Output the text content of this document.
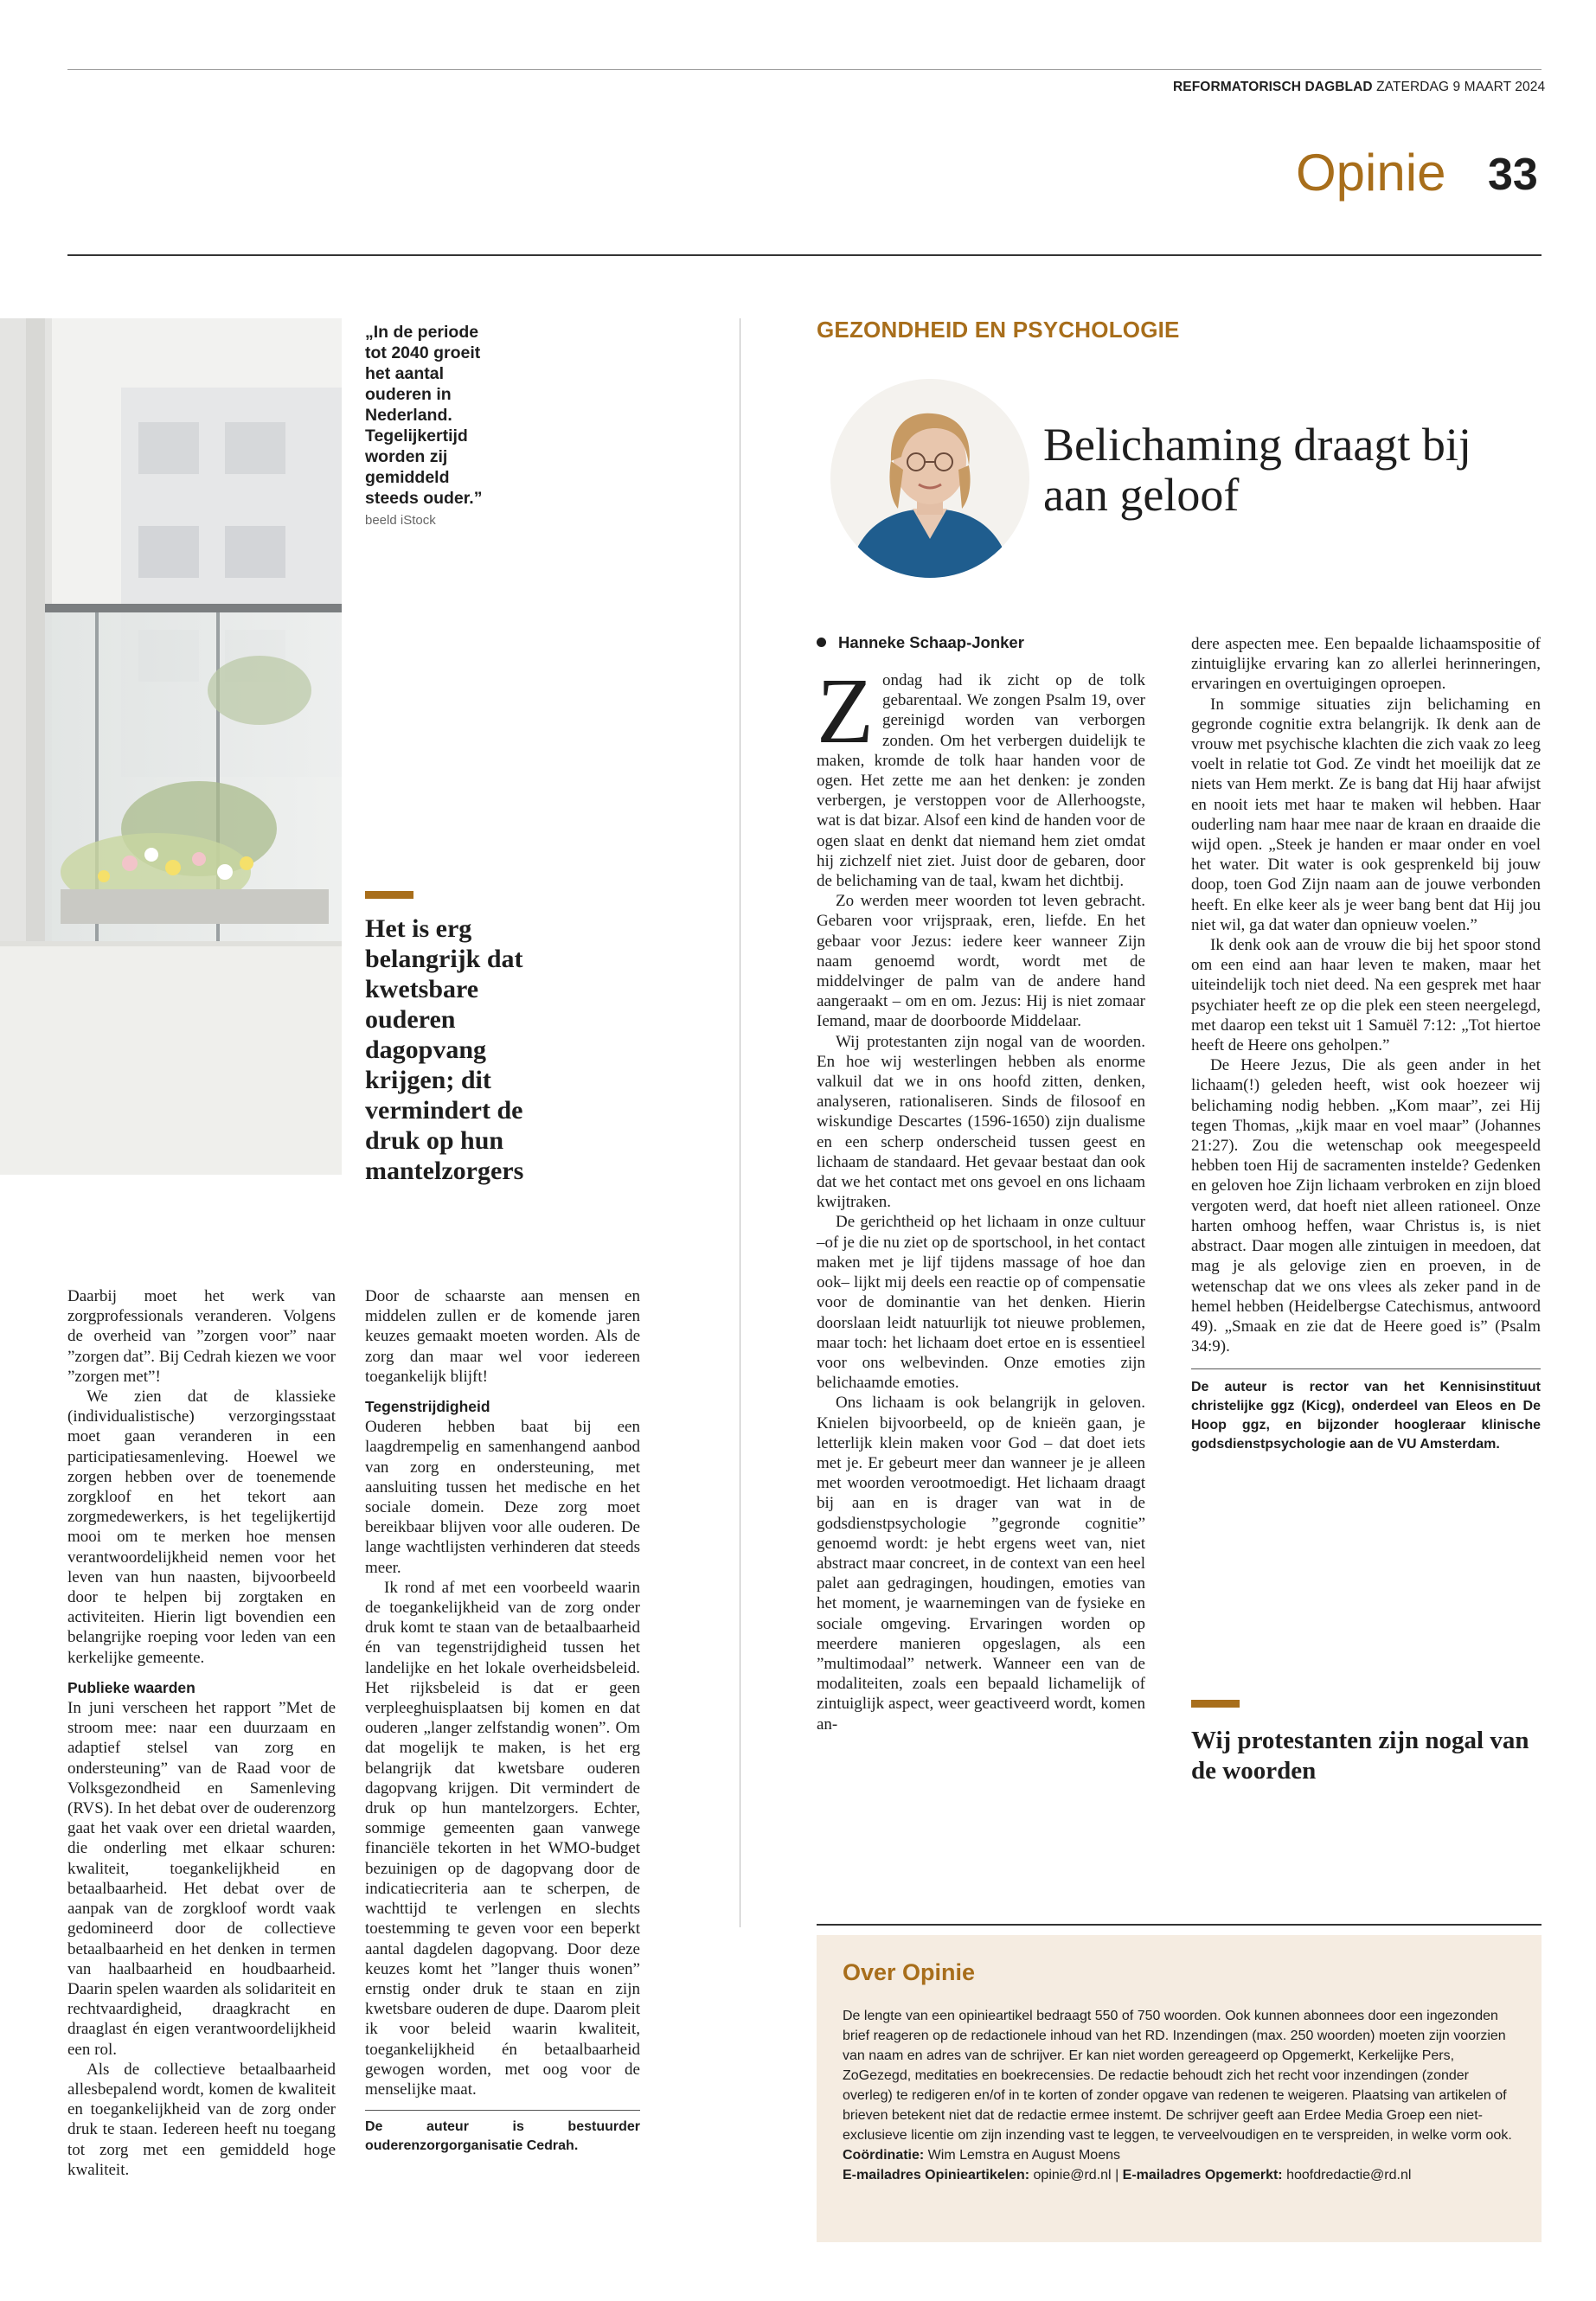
REFORMATORISCH DAGBLAD ZATERDAG 9 MAART 2024
Opinie 33
„In de periode tot 2040 groeit het aantal ouderen in Nederland. Tegelijkertijd worden zij gemiddeld steeds ouder.” beeld iStock
Het is erg belangrijk dat kwetsbare ouderen dagopvang krijgen; dit vermindert de druk op hun mantelzorgers

Daarbij moet het werk van zorgprofessionals veranderen. Volgens de overheid van ”zorgen voor” naar ”zorgen dat”. Bij Cedrah kiezen we voor ”zorgen met”!

We zien dat de klassieke (individualistische) verzorgingsstaat moet gaan veranderen in een participatiesamenleving. Hoewel we zorgen hebben over de toenemende zorgkloof en het tekort aan zorgmedewerkers, is het tegelijkertijd mooi om te merken hoe mensen verantwoordelijkheid nemen voor het leven van hun naasten, bijvoorbeeld door te helpen bij zorgtaken en activiteiten. Hierin ligt bovendien een belangrijke roeping voor leden van een kerkelijke gemeente.

Publieke waarden

In juni verscheen het rapport ”Met de stroom mee: naar een duurzaam en adaptief stelsel van zorg en ondersteuning” van de Raad voor de Volksgezondheid en Samenleving (RVS). In het debat over de ouderenzorg gaat het vaak over een drietal waarden, die onderling met elkaar schuren: kwaliteit, toegankelijkheid en betaalbaarheid. Het debat over de aanpak van de zorgkloof wordt vaak gedomineerd door de collectieve betaalbaarheid en het denken in termen van haalbaarheid en houdbaarheid. Daarin spelen waarden als solidariteit en rechtvaardigheid, draagkracht en draaglast én eigen verantwoordelijkheid een rol.

Als de collectieve betaalbaarheid allesbepalend wordt, komen de kwaliteit en toegankelijkheid van de zorg onder druk te staan. Iedereen heeft nu toegang tot zorg met een gemiddeld hoge kwaliteit.

Door de schaarste aan mensen en middelen zullen er de komende jaren keuzes gemaakt moeten worden. Als de zorg dan maar wel voor iedereen toegankelijk blijft!

Tegenstrijdigheid

Ouderen hebben baat bij een laagdrempelig en samenhangend aanbod van zorg en ondersteuning, met aansluiting tussen het medische en het sociale domein. Deze zorg moet bereikbaar blijven voor alle ouderen. De lange wachtlijsten verhinderen dat steeds meer.

Ik rond af met een voorbeeld waarin de toegankelijkheid van de zorg onder druk komt te staan van de betaalbaarheid én van tegenstrijdigheid tussen het landelijke en het lokale overheidsbeleid. Het rijksbeleid is dat er geen verpleeghuisplaatsen bij komen en dat ouderen „langer zelfstandig wonen”. Om dat mogelijk te maken, is het erg belangrijk dat kwetsbare ouderen dagopvang krijgen. Dit vermindert de druk op hun mantelzorgers. Echter, sommige gemeenten gaan vanwege financiële tekorten in het WMO-budget bezuinigen op de dagopvang door de indicatiecriteria aan te scherpen, de wachttijd te verlengen en slechts toestemming te geven voor een beperkt aantal dagdelen dagopvang. Door deze keuzes komt het ”langer thuis wonen” ernstig onder druk te staan en zijn kwetsbare ouderen de dupe. Daarom pleit ik voor beleid waarin kwaliteit, toegankelijkheid én betaalbaarheid gewogen worden, met oog voor de menselijke maat.

De auteur is bestuurder ouderenzorgorganisatie Cedrah.
GEZONDHEID EN PSYCHOLOGIE
Belichaming draagt bij aan geloof
Hanneke Schaap-Jonker

Zondag had ik zicht op de tolk gebarentaal. We zongen Psalm 19, over gereinigd worden van verborgen zonden. Om het verbergen duidelijk te maken, kromde de tolk haar handen voor de ogen. Het zette me aan het denken: je zonden verbergen, je verstoppen voor de Allerhoogste, wat is dat bizar. Alsof een kind de handen voor de ogen slaat en denkt dat niemand hem ziet omdat hij zichzelf niet ziet. Juist door de gebaren, door de belichaming van de taal, kwam het dichtbij.

Zo werden meer woorden tot leven gebracht. Gebaren voor vrijspraak, eren, liefde. En het gebaar voor Jezus: iedere keer wanneer Zijn naam genoemd wordt, wordt met de middelvinger de palm van de andere hand aangeraakt – om en om. Jezus: Hij is niet zomaar Iemand, maar de doorboorde Middelaar.

Wij protestanten zijn nogal van de woorden. En hoe wij westerlingen hebben als enorme valkuil dat we in ons hoofd zitten, denken, analyseren, rationaliseren. Sinds de filosoof en wiskundige Descartes (1596-1650) zijn dualisme en een scherp onderscheid tussen geest en lichaam de standaard. Het gevaar bestaat dan ook dat we het contact met ons gevoel en ons lichaam kwijtraken.

De gerichtheid op het lichaam in onze cultuur –of je die nu ziet op de sportschool, in het contact maken met je lijf tijdens massage of hoe dan ook– lijkt mij deels een reactie op of compensatie voor de dominantie van het denken. Hierin doorslaan leidt natuurlijk tot nieuwe problemen, maar toch: het lichaam doet ertoe en is essentieel voor ons welbevinden. Onze emoties zijn belichaamde emoties.

Ons lichaam is ook belangrijk in geloven. Knielen bijvoorbeeld, op de knieën gaan, je letterlijk klein maken voor God – dat doet iets met je. Er gebeurt meer dan wanneer je je alleen met woorden verootmoedigt. Het lichaam draagt bij aan en is drager van wat in de godsdienstpsychologie ”gegronde cognitie” genoemd wordt: je hebt ergens weet van, niet abstract maar concreet, in de context van een heel palet aan gedragingen, houdingen, emoties van het moment, je waarnemingen van de fysieke en sociale omgeving. Ervaringen worden op meerdere manieren opgeslagen, als een ”multimodaal” netwerk. Wanneer een van de modaliteiten, zoals een bepaald lichamelijk of zintuiglijk aspect, weer geactiveerd wordt, komen an-

dere aspecten mee. Een bepaalde lichaamspositie of zintuiglijke ervaring kan zo allerlei herinneringen, ervaringen en overtuigingen oproepen.

In sommige situaties zijn belichaming en gegronde cognitie extra belangrijk. Ik denk aan de vrouw met psychische klachten die zich vaak zo leeg voelt in relatie tot God. Ze vindt het moeilijk dat ze niets van Hem merkt. Ze is bang dat Hij haar afwijst en nooit iets met haar te maken wil hebben. Haar ouderling nam haar mee naar de kraan en draaide die wijd open. „Steek je handen er maar onder en voel het water. Dit water is ook gesprenkeld bij jouw doop, toen God Zijn naam aan de jouwe verbonden heeft. En elke keer als je weer bang bent dat Hij jou niet wil, ga dat water dan opnieuw voelen.”

Ik denk ook aan de vrouw die bij het spoor stond om een eind aan haar leven te maken, maar het uiteindelijk toch niet deed. Na een gesprek met haar psychiater heeft ze op die plek een steen neergelegd, met daarop een tekst uit 1 Samuël 7:12: „Tot hiertoe heeft de Heere ons geholpen.”

De Heere Jezus, Die als geen ander in het lichaam(!) geleden heeft, wist ook hoezeer wij belichaming nodig hebben. „Kom maar”, zei Hij tegen Thomas, „kijk maar en voel maar” (Johannes 21:27). Zou die wetenschap ook meegespeeld hebben toen Hij de sacramenten instelde? Gedenken en geloven hoe Zijn lichaam verbroken en zijn bloed vergoten werd, dat hoeft niet alleen rationeel. Onze harten omhoog heffen, waar Christus is, is niet abstract. Daar mogen alle zintuigen in meedoen, dat mag je als gelovige zien en proeven, in de wetenschap dat we ons vlees als zeker pand in de hemel hebben (Heidelbergse Catechismus, antwoord 49). „Smaak en zie dat de Heere goed is” (Psalm 34:9).

De auteur is rector van het Kennisinstituut christelijke ggz (Kicg), onderdeel van Eleos en De Hoop ggz, en bijzonder hoogleraar klinische godsdienstpsychologie aan de VU Amsterdam.
Wij protestanten zijn nogal van de woorden
Over Opinie
De lengte van een opinieartikel bedraagt 550 of 750 woorden. Ook kunnen abonnees door een ingezonden brief reageren op de redactionele inhoud van het RD. Inzendingen (max. 250 woorden) moeten zijn voorzien van naam en adres van de schrijver. Er kan niet worden gereageerd op Opgemerkt, Kerkelijke Pers, ZoGezegd, meditaties en boekrecensies. De redactie behoudt zich het recht voor inzendingen (zonder overleg) te redigeren en/of in te korten of zonder opgave van redenen te weigeren. Plaatsing van artikelen of brieven betekent niet dat de redactie ermee instemt. De schrijver geeft aan Erdee Media Groep een niet-exclusieve licentie om zijn inzending vast te leggen, te verveelvoudigen en te verspreiden, in welke vorm ook.
Coördinatie: Wim Lemstra en August Moens
E-mailadres Opinieartikelen: opinie@rd.nl | E-mailadres Opgemerkt: hoofdredactie@rd.nl
